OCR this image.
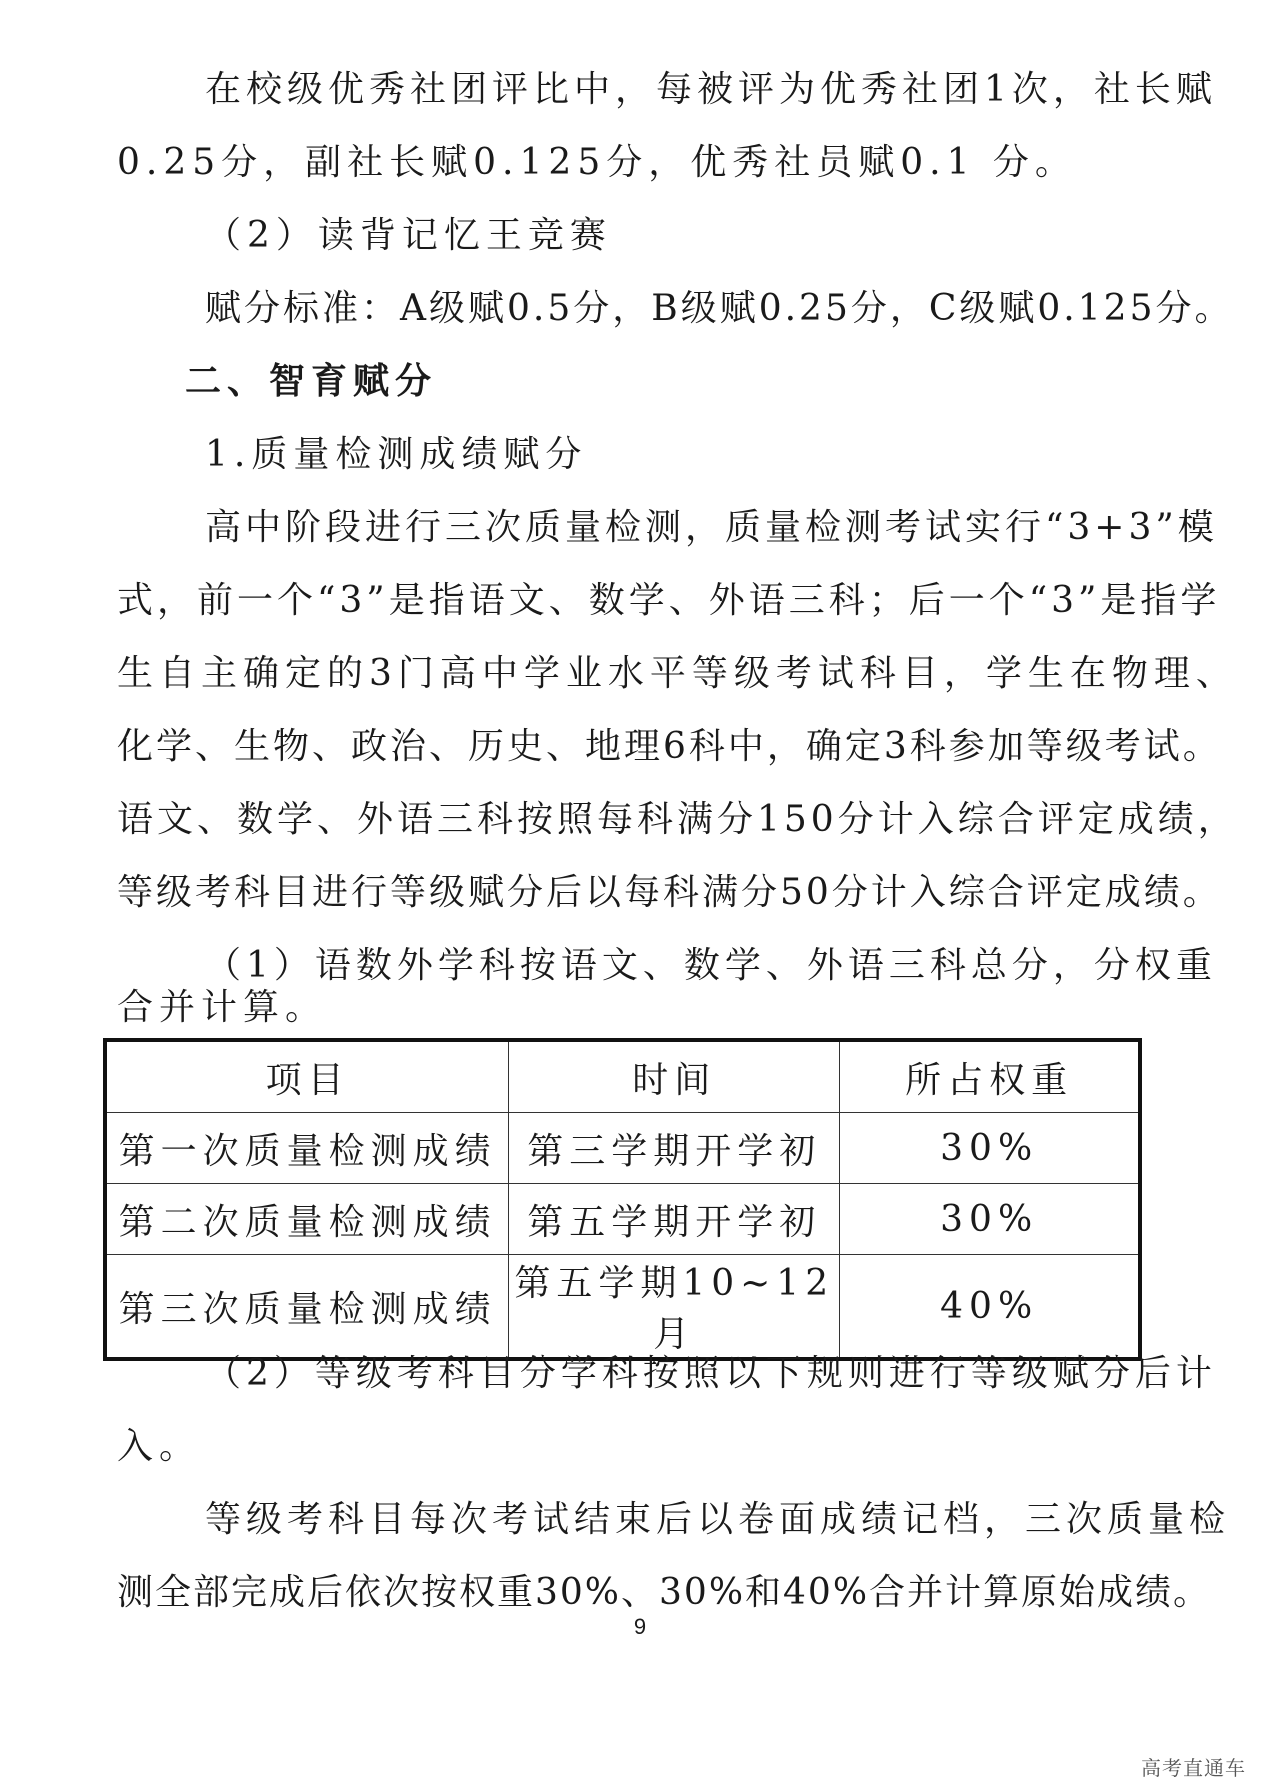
在校级优秀社团评比中，每被评为优秀社团1次，社长赋

0.25分，副社长赋0.125分，优秀社员赋0.1 分。

（2）读背记忆王竞赛

赋分标准：A级赋0.5分，B级赋0.25分，C级赋0.125分。

二、智育赋分

1.质量检测成绩赋分

高中阶段进行三次质量检测，质量检测考试实行“3+3”模

式，前一个“3”是指语文、数学、外语三科；后一个“3”是指学

生自主确定的3门高中学业水平等级考试科目，学生在物理、

化学、生物、政治、历史、地理6科中，确定3科参加等级考试。

语文、数学、外语三科按照每科满分150分计入综合评定成绩，

等级考科目进行等级赋分后以每科满分50分计入综合评定成绩。

（1）语数外学科按语文、数学、外语三科总分，分权重

合并计算。

项目	时间	所占权重
第一次质量检测成绩	第三学期开学初	30%
第二次质量检测成绩	第五学期开学初	30%
第三次质量检测成绩	第五学期10~12月	40%

（2）等级考科目分学科按照以下规则进行等级赋分后计

入。

等级考科目每次考试结束后以卷面成绩记档，三次质量检

测全部完成后依次按权重30%、30%和40%合并计算原始成绩。

9
高考直通车
